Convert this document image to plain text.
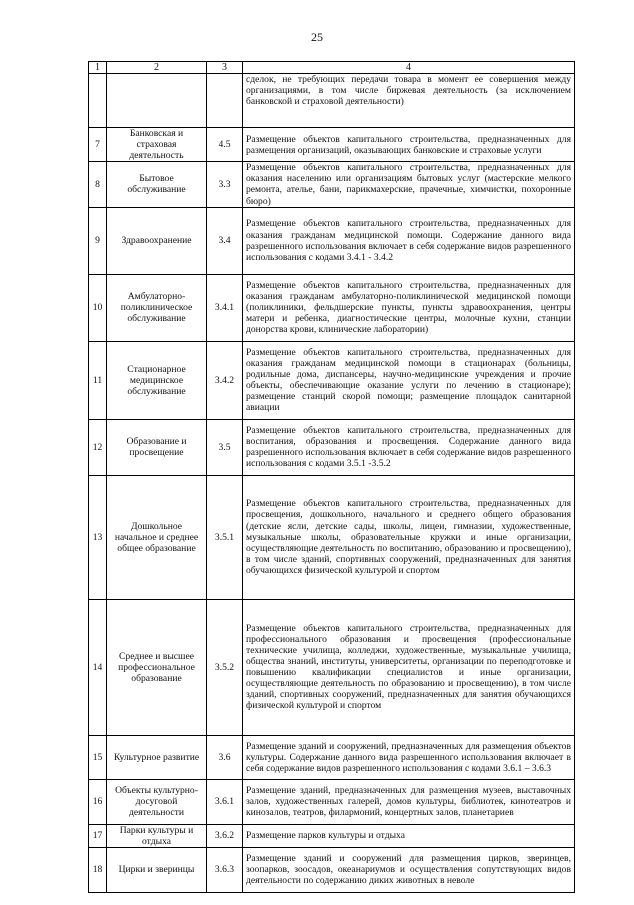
25
1	2	3	4
			сделок, не требующих передачи товара в момент ее совершения между организациями, в том числе биржевая деятельность (за исключением банковской и страховой деятельности)
7	Банковская и страховая деятельность	4.5	Размещение объектов капитального строительства, предназначенных для размещения организаций, оказывающих банковские и страховые услуги
8	Бытовое обслуживание	3.3	Размещение объектов капитального строительства, предназначенных для оказания населению или организациям бытовых услуг (мастерские мелкого ремонта, ателье, бани, парикмахерские, прачечные, химчистки, похоронные бюро)
9	Здравоохранение	3.4	Размещение объектов капитального строительства, предназначенных для оказания гражданам медицинской помощи. Содержание данного вида разрешенного использования включает в себя содержание видов разрешенного использования с кодами 3.4.1 - 3.4.2
10	Амбулаторно-поликлиническое обслуживание	3.4.1	Размещение объектов капитального строительства, предназначенных для оказания гражданам амбулаторно-поликлинической медицинской помощи (поликлиники, фельдшерские пункты, пункты здравоохранения, центры матери и ребенка, диагностические центры, молочные кухни, станции донорства крови, клинические лаборатории)
11	Стационарное медицинское обслуживание	3.4.2	Размещение объектов капитального строительства, предназначенных для оказания гражданам медицинской помощи в стационарах (больницы, родильные дома, диспансеры, научно-медицинские учреждения и прочие объекты, обеспечивающие оказание услуги по лечению в стационаре); размещение станций скорой помощи; размещение площадок санитарной авиации
12	Образование и просвещение	3.5	Размещение объектов капитального строительства, предназначенных для воспитания, образования и просвещения. Содержание данного вида разрешенного использования включает в себя содержание видов разрешенного использования с кодами 3.5.1 -3.5.2
13	Дошкольное начальное и среднее общее образование	3.5.1	Размещение объектов капитального строительства, предназначенных для просвещения, дошкольного, начального и среднего общего образования (детские ясли, детские сады, школы, лицеи, гимназии, художественные, музыкальные школы, образовательные кружки и иные организации, осуществляющие деятельность по воспитанию, образованию и просвещению), в том числе зданий, спортивных сооружений, предназначенных для занятия обучающихся физической культурой и спортом
14	Среднее и высшее профессиональное образование	3.5.2	Размещение объектов капитального строительства, предназначенных для профессионального образования и просвещения (профессиональные технические училища, колледжи, художественные, музыкальные училища, общества знаний, институты, университеты, организации по переподготовке и повышению квалификации специалистов и иные организации, осуществляющие деятельность по образованию и просвещению), в том числе зданий, спортивных сооружений, предназначенных для занятия обучающихся физической культурой и спортом
15	Культурное развитие	3.6	Размещение зданий и сооружений, предназначенных для размещения объектов культуры. Содержание данного вида разрешенного использования включает в себя содержание видов разрешенного использования с кодами 3.6.1 – 3.6.3
16	Объекты культурно-досуговой деятельности	3.6.1	Размещение зданий, предназначенных для размещения музеев, выставочных залов, художественных галерей, домов культуры, библиотек, кинотеатров и кинозалов, театров, филармоний, концертных залов, планетариев
17	Парки культуры и отдыха	3.6.2	Размещение парков культуры и отдыха
18	Цирки и зверинцы	3.6.3	Размещение зданий и сооружений для размещения цирков, зверинцев, зоопарков, зоосадов, океанариумов и осуществления сопутствующих видов деятельности по содержанию диких животных в неволе
